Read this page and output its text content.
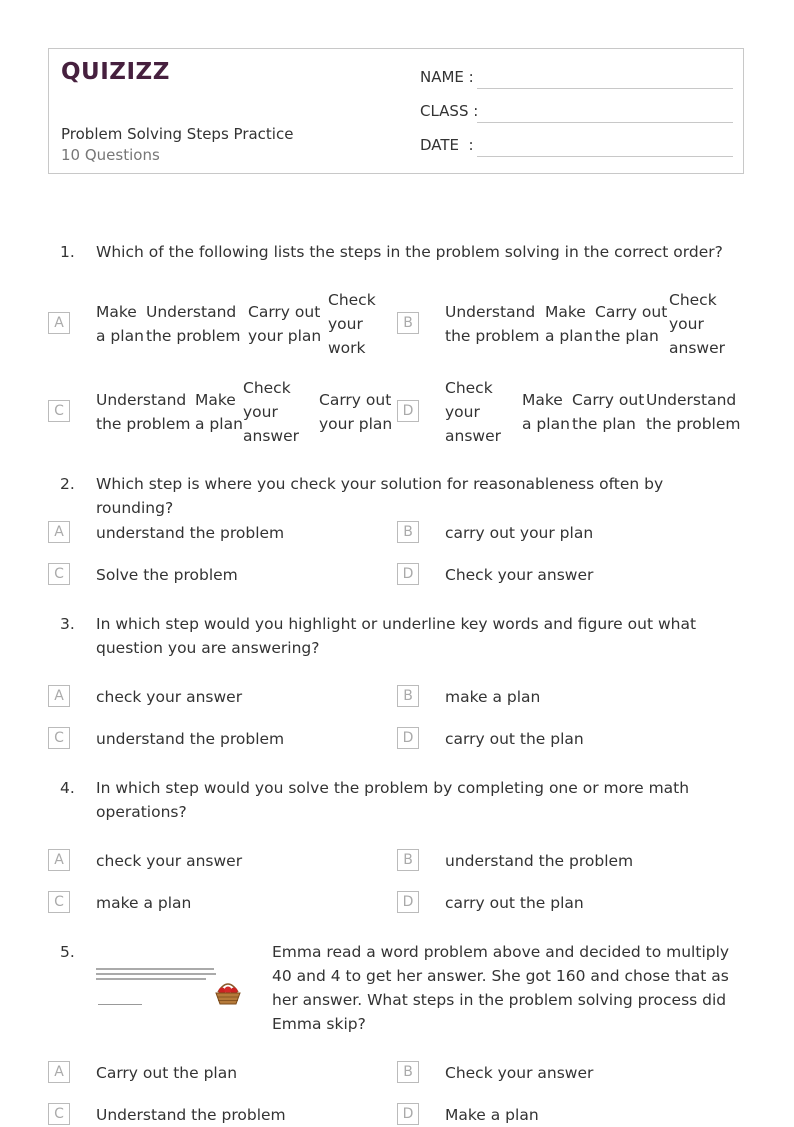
QUIZIZZ
Problem Solving Steps Practice
10 Questions
NAME :
CLASS :
DATE  :
1. Which of the following lists the steps in the problem solving in the correct order?
A
Make a plan
Understand the problem
Carry out your plan
Check your work
B
Understand the problem
Make a plan
Carry out the plan
Check your answer
C
Understand the problem
Make a plan
Check your answer
Carry out your plan
D
Check your answer
Make a plan
Carry out the plan
Understand the problem
2. Which step is where you check your solution for reasonableness often by rounding?
A	understand the problem	B	carry out your plan
C	Solve the problem	D	Check your answer
3. In which step would you highlight or underline key words and figure out what question you are answering?
A	check your answer	B	make a plan
C	understand the problem	D	carry out the plan
4. In which step would you solve the problem by completing one or more math operations?
A	check your answer	B	understand the problem
C	make a plan	D	carry out the plan
5.	Emma read a word problem above and decided to multiply 40 and 4 to get her answer. She got 160 and chose that as her answer. What steps in the problem solving process did Emma skip?
A	Carry out the plan	B	Check your answer
C	Understand the problem	D	Make a plan
